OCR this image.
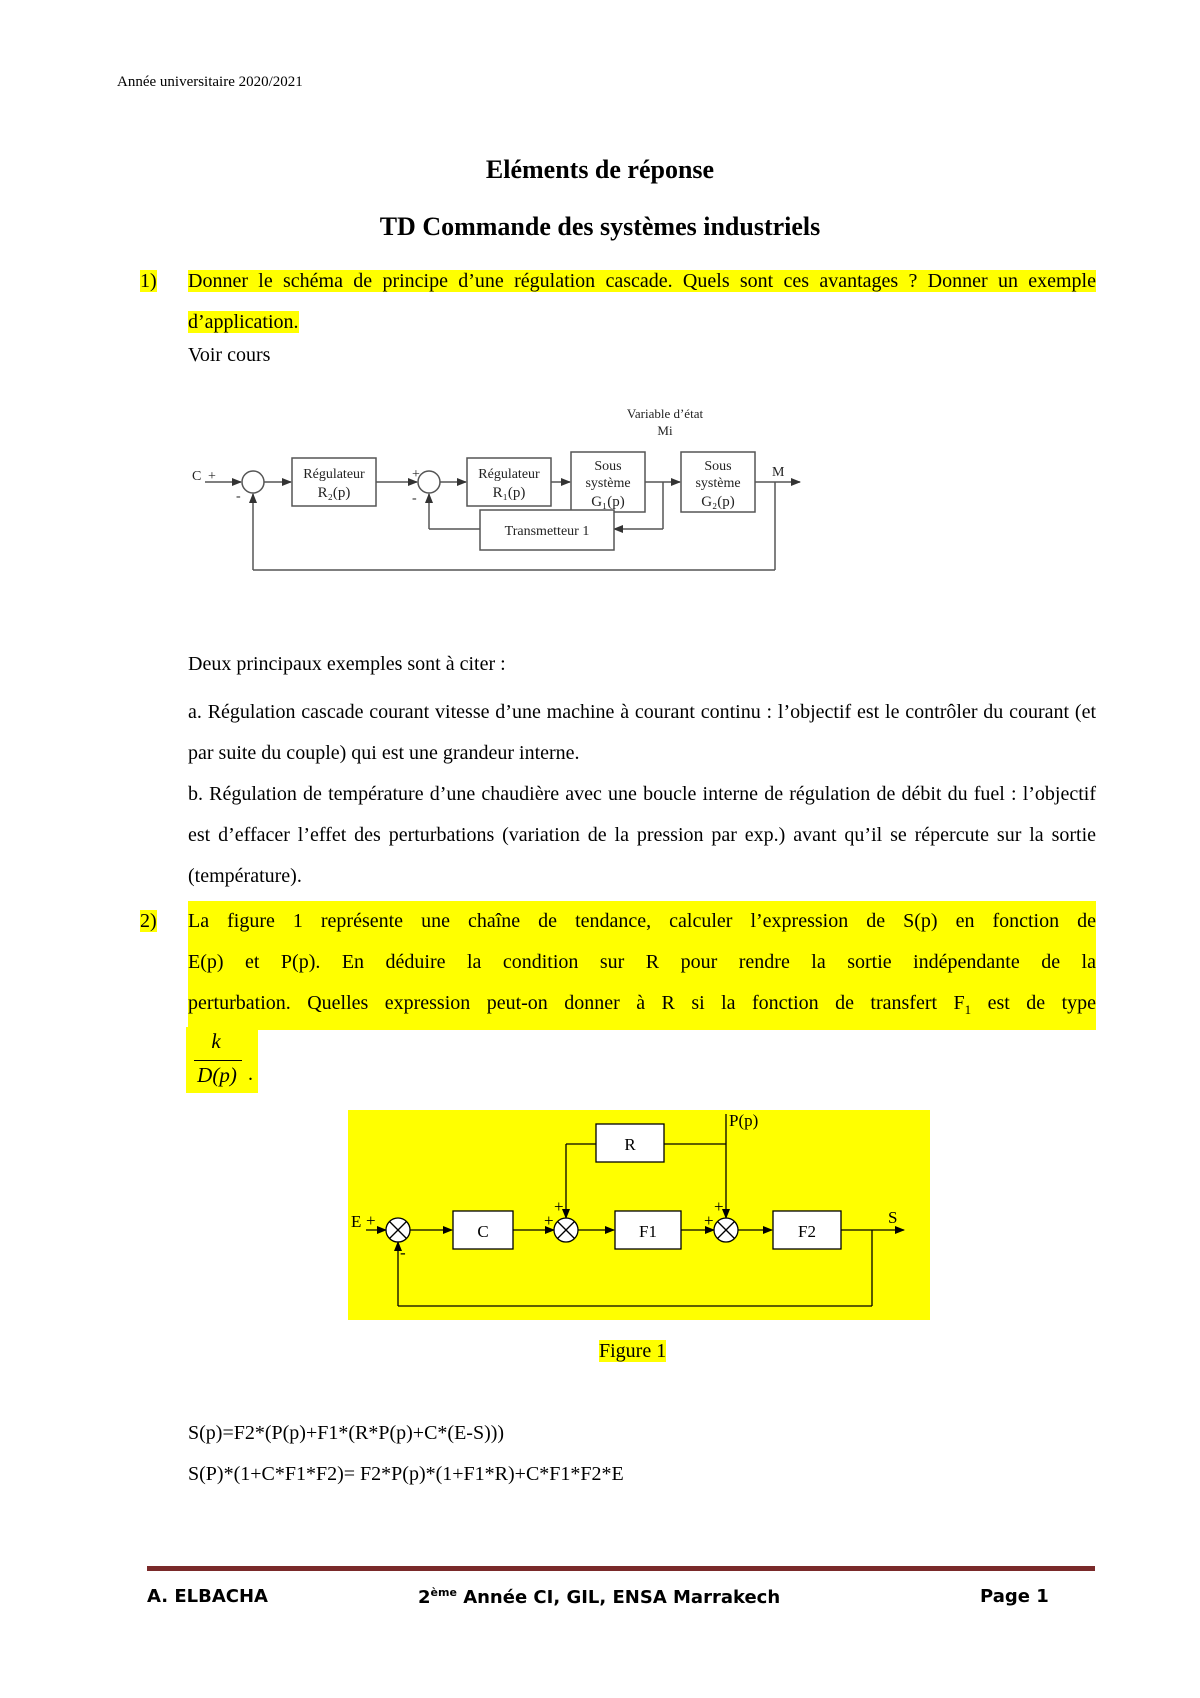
Année universitaire 2020/2021
Eléments de réponse
TD Commande des systèmes industriels
1) Donner le schéma de principe d’une régulation cascade. Quels sont ces avantages ? Donner un exemple d’application.
Voir cours
C +
-
+
-
Régulateur
R₂(p)
Régulateur
R₁(p)
Sous
système
G₁(p)
Sous
système
G₂(p)
Variable d’état
Mi
M
Transmetteur 1
Deux principaux exemples sont à citer :
a. Régulation cascade courant vitesse d’une machine à courant continu : l’objectif est le contrôler du courant (et par suite du couple) qui est une grandeur interne.
b. Régulation de température d’une chaudière avec une boucle interne de régulation de débit du fuel : l’objectif est d’effacer l’effet des perturbations (variation de la pression par exp.) avant qu’il se répercute sur la sortie (température).
2) La figure 1 représente une chaîne de tendance, calculer l’expression de S(p) en fonction de
E(p) et P(p). En déduire la condition sur R pour rendre la sortie indépendante de la
perturbation. Quelles expression peut-on donner à R si la fonction de transfert $F_1$ est de type
k
D(p) .
R
C	F1	F2
E +
-
+
+
+
+
S
P(p)
Figure 1
S(p)=F2*(P(p)+F1*(R*P(p)+C*(E-S)))
S(P)*(1+C*F1*F2)= F2*P(p)*(1+F1*R)+C*F1*F2*E
A. ELBACHA	2ème Année CI, GIL, ENSA Marrakech	Page 1
